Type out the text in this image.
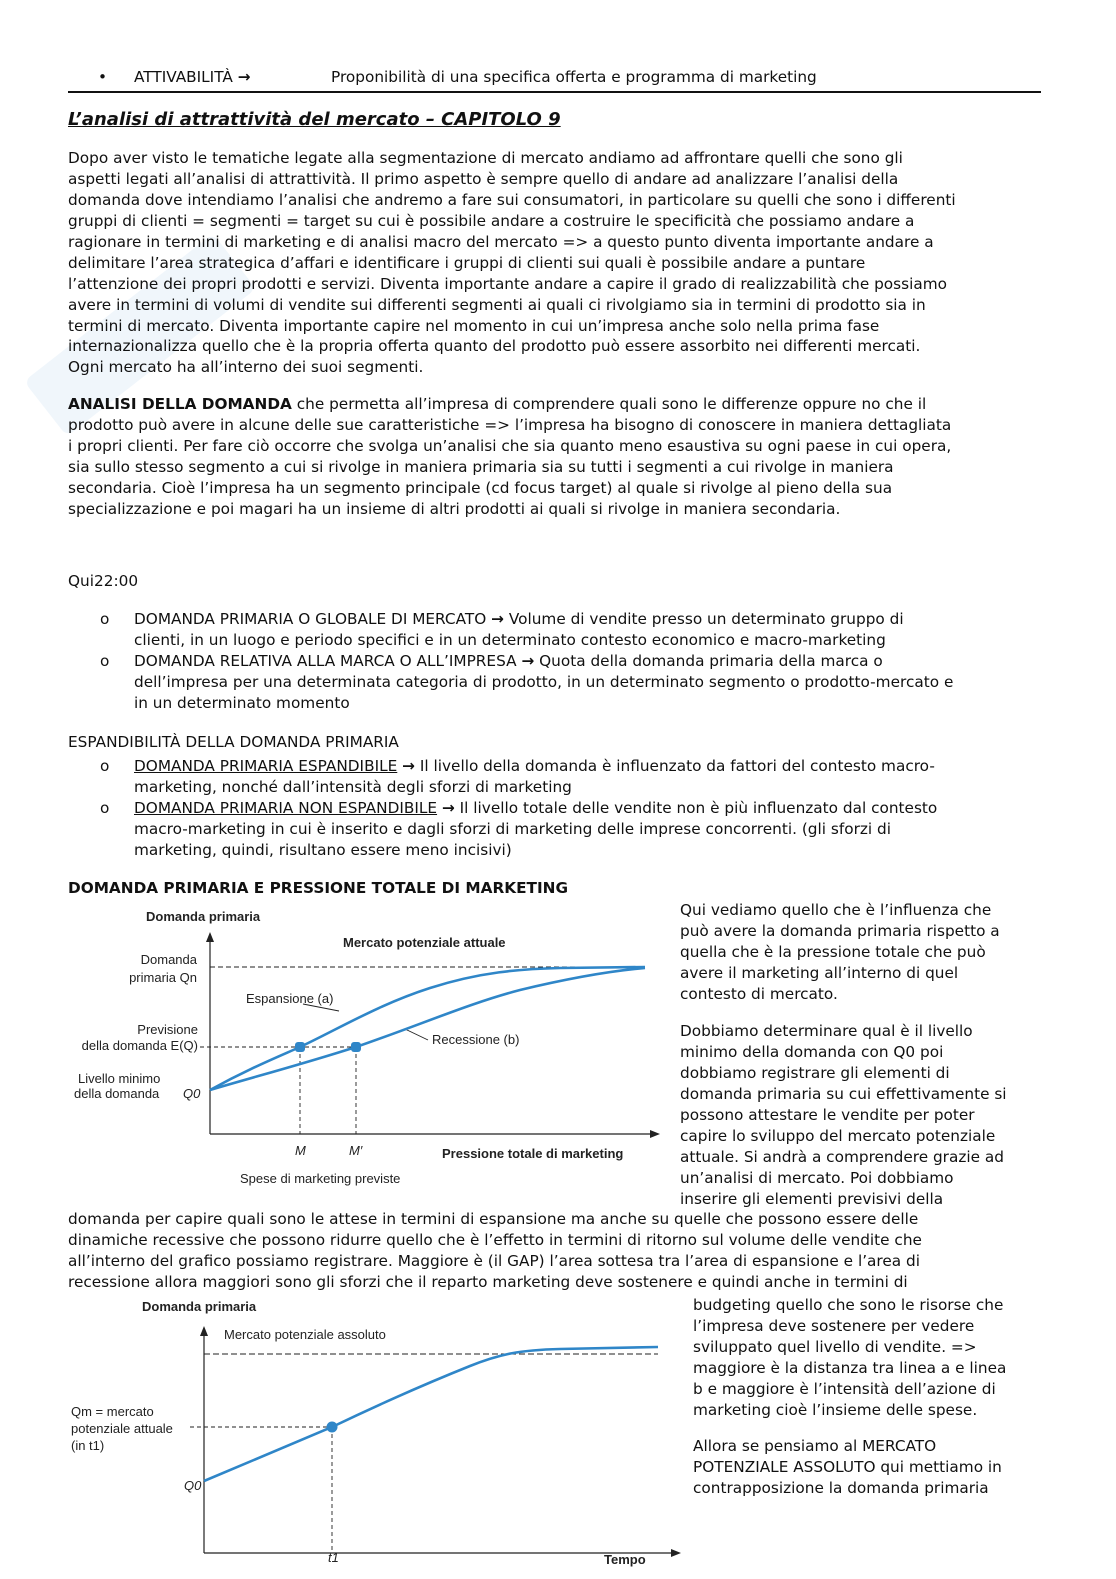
• ATTIVABILITÀ →	Proponibilità di una specifica offerta e programma di marketing
L’analisi di attrattività del mercato – CAPITOLO 9
Dopo aver visto le tematiche legate alla segmentazione di mercato andiamo ad affrontare quelli che sono gli
aspetti legati all’analisi di attrattività. Il primo aspetto è sempre quello di andare ad analizzare l’analisi della
domanda dove intendiamo l’analisi che andremo a fare sui consumatori, in particolare su quelli che sono i differenti
gruppi di clienti = segmenti = target su cui è possibile andare a costruire le specificità che possiamo andare a
ragionare in termini di marketing e di analisi macro del mercato => a questo punto diventa importante andare a
delimitare l’area strategica d’affari e identificare i gruppi di clienti sui quali è possibile andare a puntare
l’attenzione dei propri prodotti e servizi. Diventa importante andare a capire il grado di realizzabilità che possiamo
avere in termini di volumi di vendite sui differenti segmenti ai quali ci rivolgiamo sia in termini di prodotto sia in
termini di mercato. Diventa importante capire nel momento in cui un’impresa anche solo nella prima fase
internazionalizza quello che è la propria offerta quanto del prodotto può essere assorbito nei differenti mercati.
Ogni mercato ha all’interno dei suoi segmenti.
ANALISI DELLA DOMANDA che permetta all’impresa di comprendere quali sono le differenze oppure no che il
prodotto può avere in alcune delle sue caratteristiche => l’impresa ha bisogno di conoscere in maniera dettagliata
i propri clienti. Per fare ciò occorre che svolga un’analisi che sia quanto meno esaustiva su ogni paese in cui opera,
sia sullo stesso segmento a cui si rivolge in maniera primaria sia su tutti i segmenti a cui rivolge in maniera
secondaria. Cioè l’impresa ha un segmento principale (cd focus target) al quale si rivolge al pieno della sua
specializzazione e poi magari ha un insieme di altri prodotti ai quali si rivolge in maniera secondaria.
Qui22:00
o DOMANDA PRIMARIA O GLOBALE DI MERCATO → Volume di vendite presso un determinato gruppo di
clienti, in un luogo e periodo specifici e in un determinato contesto economico e macro-marketing
o DOMANDA RELATIVA ALLA MARCA O ALL’IMPRESA → Quota della domanda primaria della marca o
dell’impresa per una determinata categoria di prodotto, in un determinato segmento o prodotto-mercato e
in un determinato momento
ESPANDIBILITÀ DELLA DOMANDA PRIMARIA
o DOMANDA PRIMARIA ESPANDIBILE → Il livello della domanda è influenzato da fattori del contesto macro-
marketing, nonché dall’intensità degli sforzi di marketing
o DOMANDA PRIMARIA NON ESPANDIBILE → Il livello totale delle vendite non è più influenzato dal contesto
macro-marketing in cui è inserito e dagli sforzi di marketing delle imprese concorrenti. (gli sforzi di
marketing, quindi, risultano essere meno incisivi)
DOMANDA PRIMARIA E PRESSIONE TOTALE DI MARKETING
Domanda primaria
Mercato potenziale attuale
Domanda
primaria Qn
Espansione (a)
Recessione (b)
Previsione
della domanda E(Q)
Livello minimo
della domanda Q0
M	M′	Pressione totale di marketing
Spese di marketing previste
Qui vediamo quello che è l’influenza che
può avere la domanda primaria rispetto a
quella che è la pressione totale che può
avere il marketing all’interno di quel
contesto di mercato.
Dobbiamo determinare qual è il livello
minimo della domanda con Q0 poi
dobbiamo registrare gli elementi di
domanda primaria su cui effettivamente si
possono attestare le vendite per poter
capire lo sviluppo del mercato potenziale
attuale. Si andrà a comprendere grazie ad
un’analisi di mercato. Poi dobbiamo
inserire gli elementi previsivi della
domanda per capire quali sono le attese in termini di espansione ma anche su quelle che possono essere delle
dinamiche recessive che possono ridurre quello che è l’effetto in termini di ritorno sul volume delle vendite che
all’interno del grafico possiamo registrare. Maggiore è (il GAP) l’area sottesa tra l’area di espansione e l’area di
recessione allora maggiori sono gli sforzi che il reparto marketing deve sostenere e quindi anche in termini di
Domanda primaria
Mercato potenziale assoluto
Qm = mercato
potenziale attuale
(in t1)
Q0
t1	Tempo
budgeting quello che sono le risorse che
l’impresa deve sostenere per vedere
sviluppato quel livello di vendite. =>
maggiore è la distanza tra linea a e linea
b e maggiore è l’intensità dell’azione di
marketing cioè l’insieme delle spese.
Allora se pensiamo al MERCATO
POTENZIALE ASSOLUTO qui mettiamo in
contrapposizione la domanda primaria
